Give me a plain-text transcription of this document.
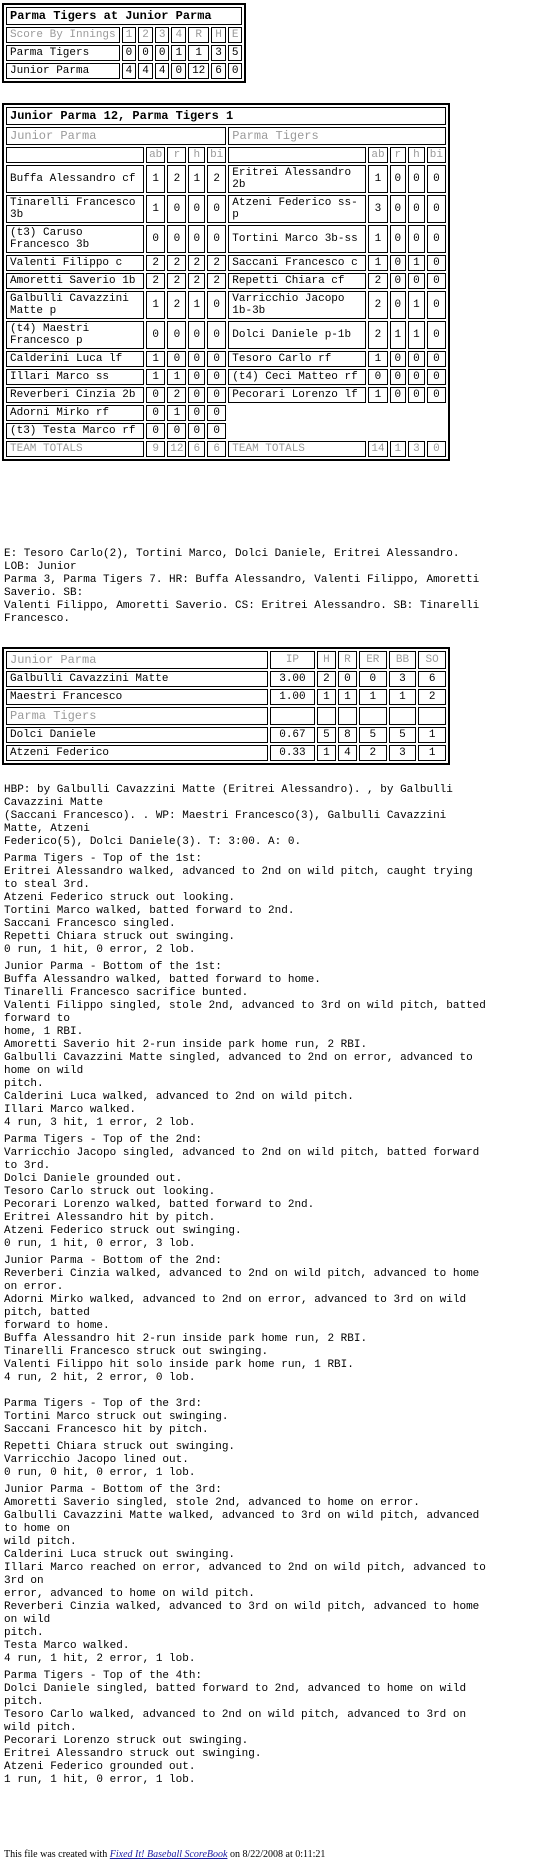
Parma Tigers at Junior Parma							
Score By Innings	1	2	3	4	R	H	E
Parma Tigers	0	0	0	1	1	3	5
Junior Parma	4	4	4	0	12	6	0
Junior Parma 12, Parma Tigers 1									
Junior Parma					Parma Tigers				
	ab	r	h	bi		ab	r	h	bi
Buffa Alessandro cf	1	2	1	2	Eritrei Alessandro 2b	1	0	0	0
Tinarelli Francesco 3b	1	0	0	0	Atzeni Federico ss-p	3	0	0	0
(t3) Caruso Francesco 3b	0	0	0	0	Tortini Marco 3b-ss	1	0	0	0
Valenti Filippo c	2	2	2	2	Saccani Francesco c	1	0	1	0
Amoretti Saverio 1b	2	2	2	2	Repetti Chiara cf	2	0	0	0
Galbulli Cavazzini Matte p	1	2	1	0	Varricchio Jacopo 1b-3b	2	0	1	0
(t4) Maestri Francesco p	0	0	0	0	Dolci Daniele p-1b	2	1	1	0
Calderini Luca lf	1	0	0	0	Tesoro Carlo rf	1	0	0	0
Illari Marco ss	1	1	0	0	(t4) Ceci Matteo rf	0	0	0	0
Reverberi Cinzia 2b	0	2	0	0	Pecorari Lorenzo lf	1	0	0	0
Adorni Mirko rf	0	1	0	0					
(t3) Testa Marco rf	0	0	0	0					
TEAM TOTALS	9	12	6	6	TEAM TOTALS	14	1	3	0
E: Tesoro Carlo(2), Tortini Marco, Dolci Daniele, Eritrei Alessandro.
LOB: Junior
Parma 3, Parma Tigers 7. HR: Buffa Alessandro, Valenti Filippo, Amoretti
Saverio. SB:
Valenti Filippo, Amoretti Saverio. CS: Eritrei Alessandro. SB: Tinarelli
Francesco.
Junior Parma	IP	H	R	ER	BB	SO
Galbulli Cavazzini Matte	3.00	2	0	0	3	6
Maestri Francesco	1.00	1	1	1	1	2
Parma Tigers						
Dolci Daniele	0.67	5	8	5	5	1
Atzeni Federico	0.33	1	4	2	3	1
HBP: by Galbulli Cavazzini Matte (Eritrei Alessandro). , by Galbulli
Cavazzini Matte
(Saccani Francesco). . WP: Maestri Francesco(3), Galbulli Cavazzini
Matte, Atzeni
Federico(5), Dolci Daniele(3). T: 3:00. A: 0.
Parma Tigers - Top of the 1st:
Eritrei Alessandro walked, advanced to 2nd on wild pitch, caught trying
to steal 3rd.
Atzeni Federico struck out looking.
Tortini Marco walked, batted forward to 2nd.
Saccani Francesco singled.
Repetti Chiara struck out swinging.
0 run, 1 hit, 0 error, 2 lob.
Junior Parma - Bottom of the 1st:
Buffa Alessandro walked, batted forward to home.
Tinarelli Francesco sacrifice bunted.
Valenti Filippo singled, stole 2nd, advanced to 3rd on wild pitch, batted
forward to
home, 1 RBI.
Amoretti Saverio hit 2-run inside park home run, 2 RBI.
Galbulli Cavazzini Matte singled, advanced to 2nd on error, advanced to
home on wild
pitch.
Calderini Luca walked, advanced to 2nd on wild pitch.
Illari Marco walked.
4 run, 3 hit, 1 error, 2 lob.
Parma Tigers - Top of the 2nd:
Varricchio Jacopo singled, advanced to 2nd on wild pitch, batted forward
to 3rd.
Dolci Daniele grounded out.
Tesoro Carlo struck out looking.
Pecorari Lorenzo walked, batted forward to 2nd.
Eritrei Alessandro hit by pitch.
Atzeni Federico struck out swinging.
0 run, 1 hit, 0 error, 3 lob.
Junior Parma - Bottom of the 2nd:
Reverberi Cinzia walked, advanced to 2nd on wild pitch, advanced to home
on error.
Adorni Mirko walked, advanced to 2nd on error, advanced to 3rd on wild
pitch, batted
forward to home.
Buffa Alessandro hit 2-run inside park home run, 2 RBI.
Tinarelli Francesco struck out swinging.
Valenti Filippo hit solo inside park home run, 1 RBI.
4 run, 2 hit, 2 error, 0 lob.
Parma Tigers - Top of the 3rd:
Tortini Marco struck out swinging.
Saccani Francesco hit by pitch.
Repetti Chiara struck out swinging.
Varricchio Jacopo lined out.
0 run, 0 hit, 0 error, 1 lob.
Junior Parma - Bottom of the 3rd:
Amoretti Saverio singled, stole 2nd, advanced to home on error.
Galbulli Cavazzini Matte walked, advanced to 3rd on wild pitch, advanced
to home on
wild pitch.
Calderini Luca struck out swinging.
Illari Marco reached on error, advanced to 2nd on wild pitch, advanced to
3rd on
error, advanced to home on wild pitch.
Reverberi Cinzia walked, advanced to 3rd on wild pitch, advanced to home
on wild
pitch.
Testa Marco walked.
4 run, 1 hit, 2 error, 1 lob.
Parma Tigers - Top of the 4th:
Dolci Daniele singled, batted forward to 2nd, advanced to home on wild
pitch.
Tesoro Carlo walked, advanced to 2nd on wild pitch, advanced to 3rd on
wild pitch.
Pecorari Lorenzo struck out swinging.
Eritrei Alessandro struck out swinging.
Atzeni Federico grounded out.
1 run, 1 hit, 0 error, 1 lob.
This file was created with Fixed It! Baseball ScoreBook on 8/22/2008 at 0:11:21
